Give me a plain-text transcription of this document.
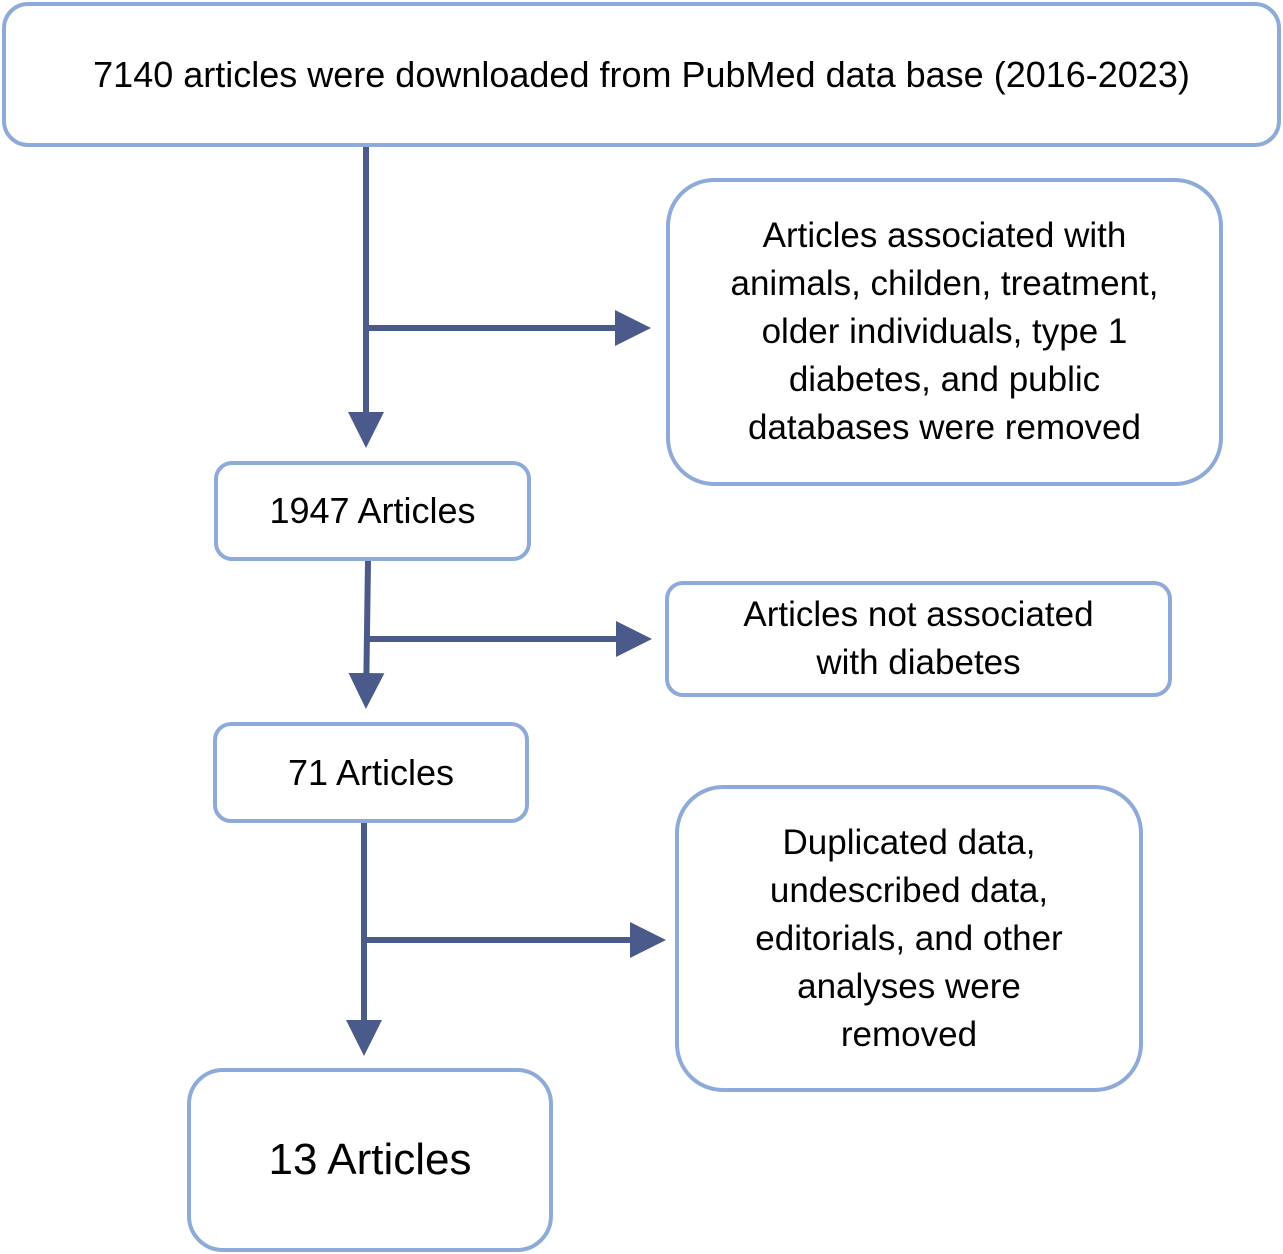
7140 articles were downloaded from PubMed data base (2016-2023)
Articles associated with
animals, childen, treatment,
older individuals, type 1
diabetes, and public
databases were removed
1947 Articles
Articles not associated
with diabetes
71 Articles
Duplicated data,
undescribed data,
editorials, and other
analyses were
removed
13 Articles
